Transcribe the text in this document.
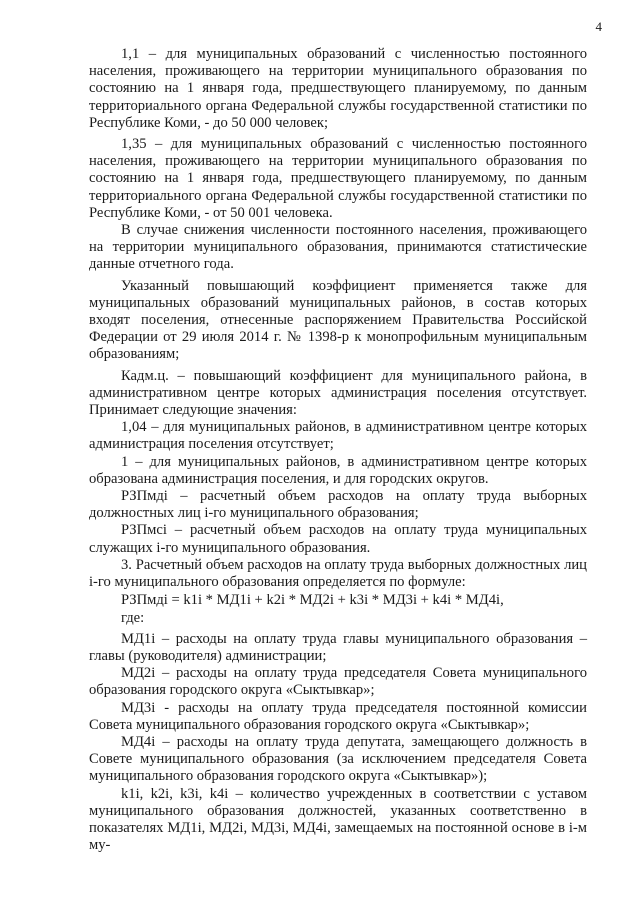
4

1,1 – для муниципальных образований с численностью постоянного населения, проживающего на территории муниципального образования по состоянию на 1 января года, предшествующего планируемому, по данным территориального органа Федеральной службы государственной статистики по Республике Коми, - до 50 000 человек;

1,35 – для муниципальных образований с численностью постоянного населения, проживающего на территории муниципального образования по состоянию на 1 января года, предшествующего планируемому, по данным территориального органа Федеральной службы государственной статистики по Республике Коми, - от 50 001 человека.

В случае снижения численности постоянного населения, проживающего на территории муниципального образования, принимаются статистические данные отчетного года.

Указанный повышающий коэффициент применяется также для муниципальных образований муниципальных районов, в состав которых входят поселения, отнесенные распоряжением Правительства Российской Федерации от 29 июля 2014 г. № 1398-р к монопрофильным муниципальным образованиям;

Кадм.ц. – повышающий коэффициент для муниципального района, в административном центре которых администрация поселения отсутствует. Принимает следующие значения:

1,04 – для муниципальных районов, в административном центре которых администрация поселения отсутствует;

1 – для муниципальных районов, в административном центре которых образована администрация поселения, и для городских округов.

РЗПмдi – расчетный объем расходов на оплату труда выборных должностных лиц i-го муниципального образования;

РЗПмсi – расчетный объем расходов на оплату труда муниципальных служащих i-го муниципального образования.

3. Расчетный объем расходов на оплату труда выборных должностных лиц i-го муниципального образования определяется по формуле:

РЗПмдi = k1i * МД1i + k2i * МД2i + k3i * МД3i + k4i * МД4i,

где:

МД1i – расходы на оплату труда главы муниципального образования – главы (руководителя) администрации;

МД2i – расходы на оплату труда председателя Совета муниципального образования городского округа «Сыктывкар»;

МД3i - расходы на оплату труда председателя постоянной комиссии Совета муниципального образования городского округа «Сыктывкар»;

МД4i – расходы на оплату труда депутата, замещающего должность в Совете муниципального образования (за исключением председателя Совета муниципального образования городского округа «Сыктывкар»);

k1i, k2i, k3i, k4i – количество учрежденных в соответствии с уставом муниципального образования должностей, указанных соответственно в показателях МД1i, МД2i, МД3i, МД4i, замещаемых на постоянной основе в i-м му-
